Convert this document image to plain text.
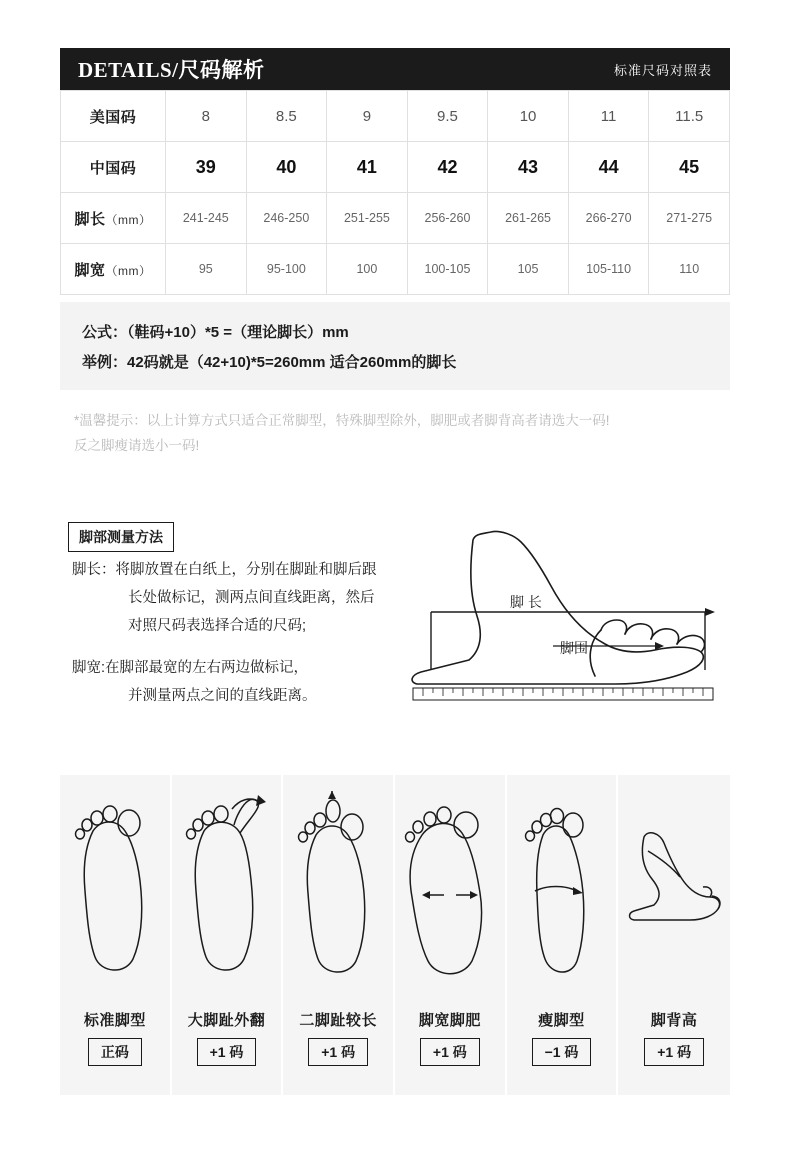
DETAILS/尺码解析	标准尺码对照表
美国码	8	8.5	9	9.5	10	11	11.5
中国码	39	40	41	42	43	44	45
脚长（mm）	241-245	246-250	251-255	256-260	261-265	266-270	271-275
脚宽（mm）	95	95-100	100	100-105	105	105-110	110
公式：（鞋码+10）*5 =（理论脚长）mm
举例：42码就是（42+10)*5=260mm 适合260mm的脚长
*温馨提示：以上计算方式只适合正常脚型，特殊脚型除外，脚肥或者脚背高者请选大一码!
反之脚瘦请选小一码!
脚部测量方法
脚长：将脚放置在白纸上，分别在脚趾和脚后跟
长处做标记，测两点间直线距离，然后
对照尺码表选择合适的尺码;
脚宽:在脚部最宽的左右两边做标记，
并测量两点之间的直线距离。
脚 长
脚围
标准脚型
正码
大脚趾外翻
+1 码
二脚趾较长
+1 码
脚宽脚肥
+1 码
瘦脚型
−1 码
脚背高
+1 码
